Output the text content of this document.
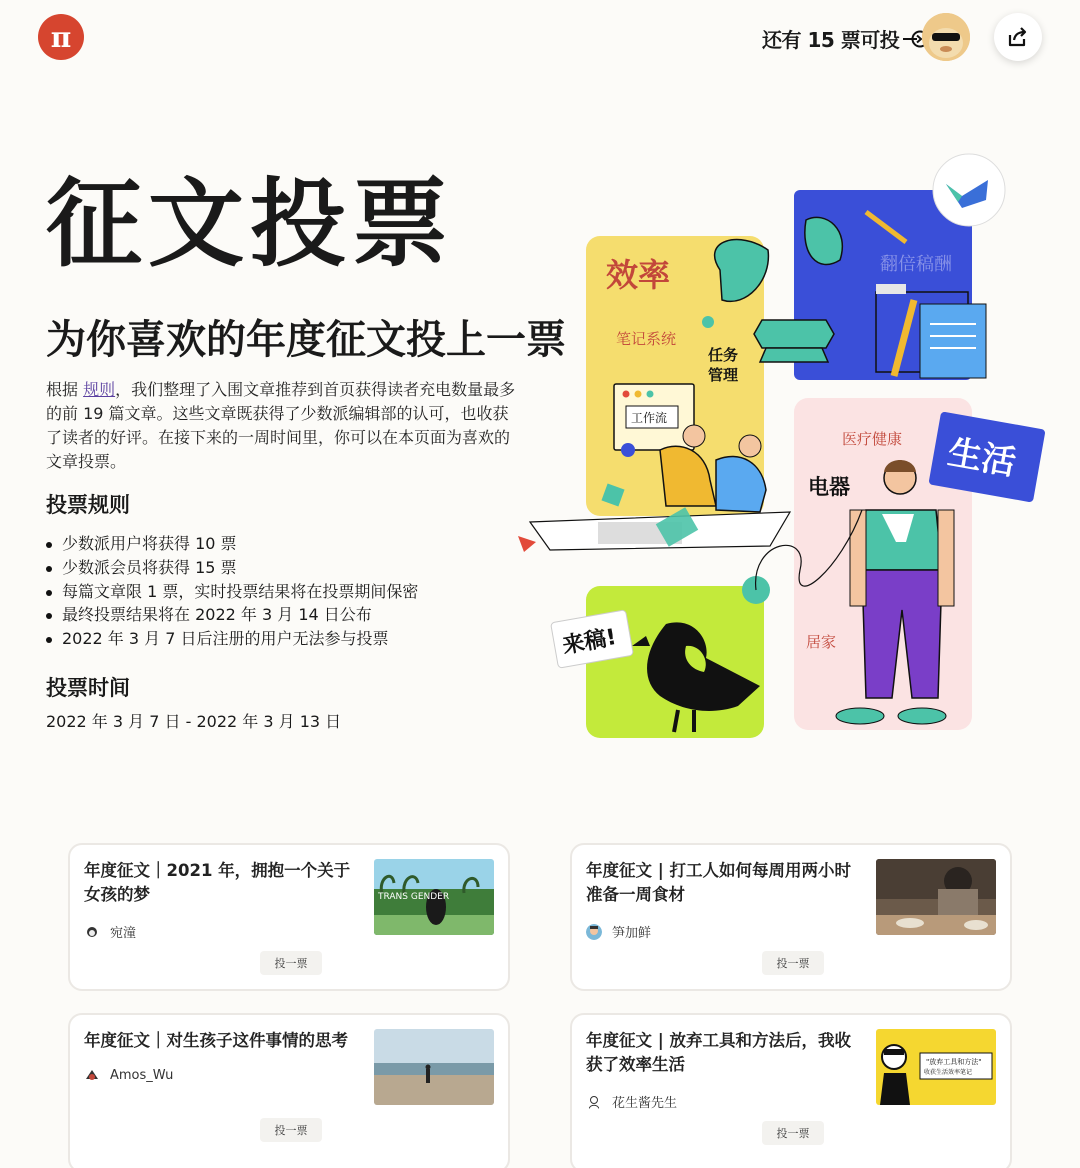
π	还有 15 票可投
征文投票
为你喜欢的年度征文投上一票

根据 规则，我们整理了入围文章推荐到首页获得读者充电数量最多的前 19 篇文章。这些文章既获得了少数派编辑部的认可，也收获了读者的好评。在接下来的一周时间里，你可以在本页面为喜欢的文章投票。

投票规则
少数派用户将获得 10 票
少数派会员将获得 15 票
每篇文章限 1 票，实时投票结果将在投票期间保密
最终投票结果将在 2022 年 3 月 14 日公布
2022 年 3 月 7 日后注册的用户无法参与投票
投票时间

2022 年 3 月 7 日 - 2022 年 3 月 13 日

效率
笔记系统
任务
管理
工作流
翻倍稿酬
医疗健康 生活
电器
居家
来稿!
年度征文｜2021 年，拥抱一个关于女孩的梦	TRANS GENDER
宛潼
投一票
年度征文 | 打工人如何每周用两小时准备一周食材
笋加鲜
投一票
年度征文｜对生孩子这件事情的思考
Amos_Wu
投一票
年度征文 | 放弃工具和方法后，我收获了效率生活	"放弃工具和方法"
收获生活效率笔记
花生酱先生
投一票
